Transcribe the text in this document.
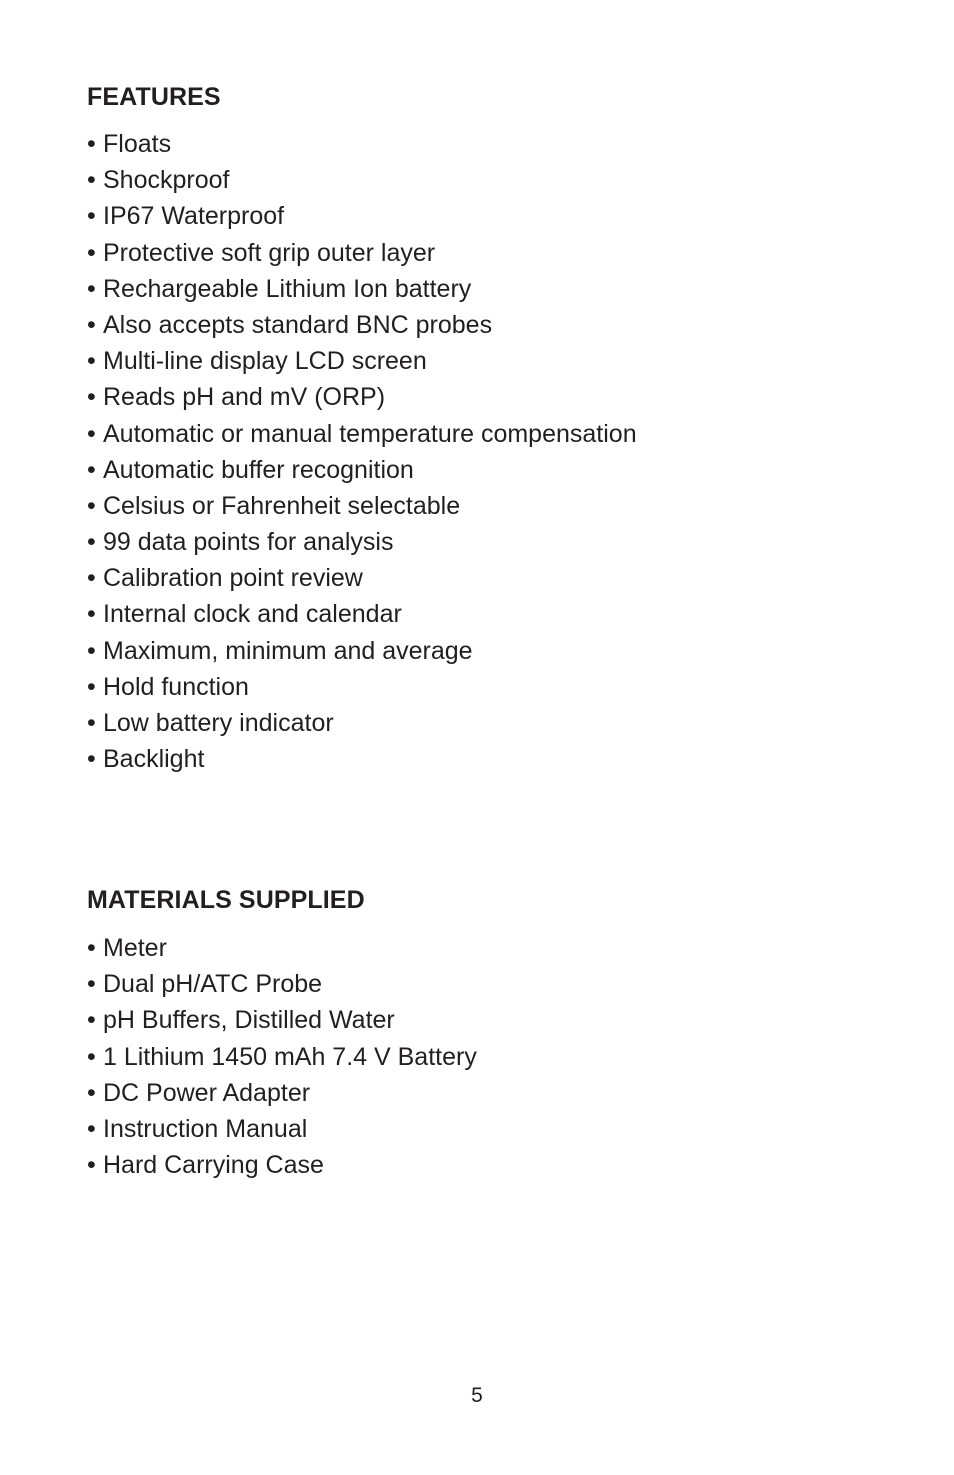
FEATURES
• Floats
• Shockproof
• IP67 Waterproof
• Protective soft grip outer layer
• Rechargeable Lithium Ion battery
• Also accepts standard BNC probes
• Multi-line display LCD screen
• Reads pH and mV (ORP)
• Automatic or manual temperature compensation
• Automatic buffer recognition
• Celsius or Fahrenheit selectable
• 99 data points for analysis
• Calibration point review
• Internal clock and calendar
• Maximum, minimum and average
• Hold function
• Low battery indicator
• Backlight
MATERIALS SUPPLIED
• Meter
• Dual pH/ATC Probe
• pH Buffers, Distilled Water
• 1 Lithium 1450 mAh 7.4 V Battery
• DC Power Adapter
• Instruction Manual
• Hard Carrying Case
5
